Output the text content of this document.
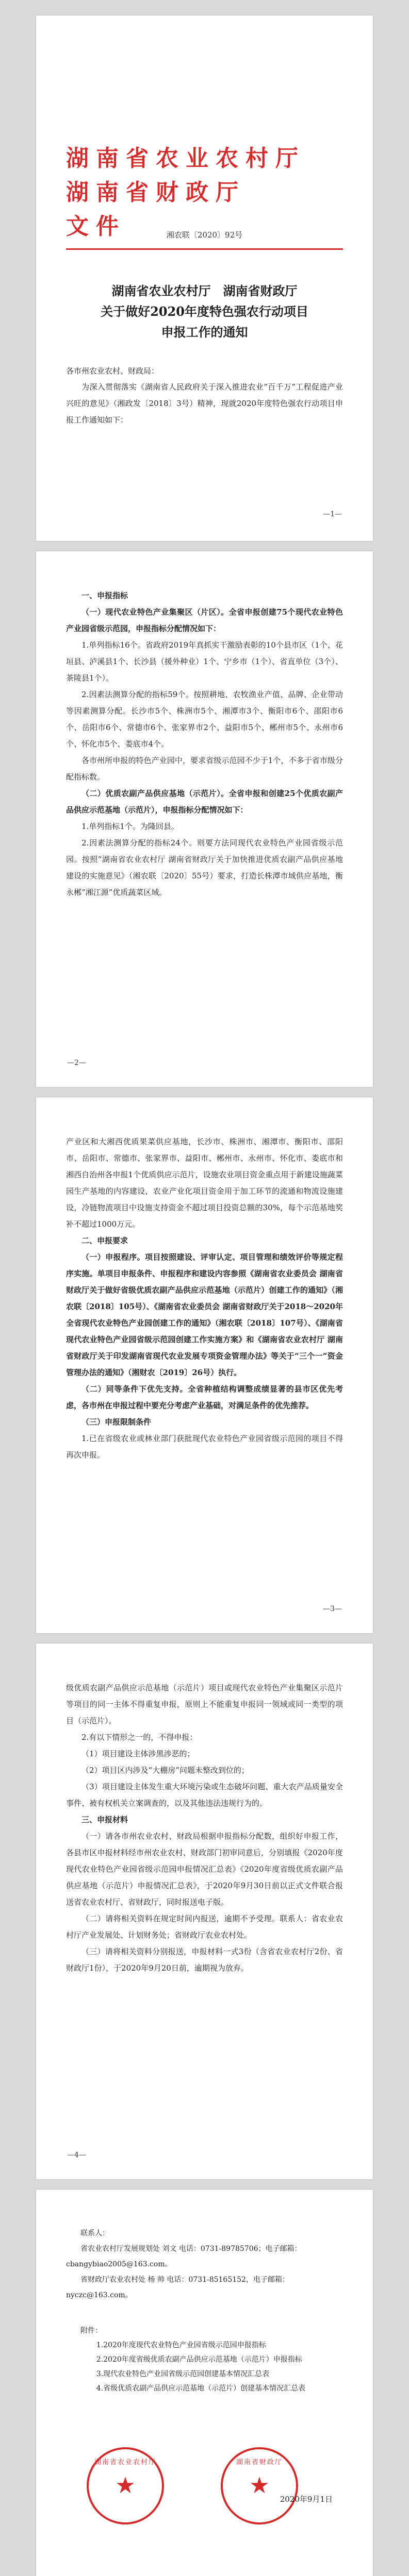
湖南省农业农村厅
湖南省财政厅
文件	湘农联〔2020〕92号
湖南省农业农村厅　湖南省财政厅
关于做好2020年度特色强农行动项目
申报工作的通知
各市州农业农村、财政局：

为深入贯彻落实《湖南省人民政府关于深入推进农业“百千万”工程促进产业兴旺的意见》（湘政发〔2018〕3号）精神，现就2020年度特色强农行动项目申报工作通知如下：

—1—

一、申报指标

（一）现代农业特色产业集聚区（片区）。全省申报创建75个现代农业特色产业园省级示范园，申报指标分配情况如下：

1.单列指标16个。省政府2019年真抓实干激励表彰的10个县市区（1个、花垣县、泸溪县1个、长沙县（援外种业）1个、宁乡市（1个）、省直单位（3个）、茶陵县1个）。

2.因素法测算分配的指标59个。按照耕地、农牧渔业产值、品牌、企业带动等因素测算分配。长沙市5个、株洲市5个、湘潭市3个、衡阳市6个、邵阳市6个、岳阳市6个、常德市6个、张家界市2个、益阳市5个、郴州市5个、永州市6个、怀化市5个、娄底市4个。

各市州所申报的特色产业园中，要求省级示范园不少于1个，不多于省市级分配指标数。

（二）优质农副产品供应基地（示范片）。全省申报和创建25个优质农副产品供应示范基地（示范片），申报指标分配情况如下：

1.单列指标1个。为隆回县。

2.因素法测算分配的指标24个。则要方法同现代农业特色产业园省级示范园。按照“湖南省农业农村厅 湖南省财政厅关于加快推进优质农副产品供应基地建设的实施意见》（湘农联〔2020〕55号）要求，打造长株潭市域供应基地，衡永郴“湘江源”优质蔬菜区域。

—2—

产业区和大湘西优质果菜供应基地，长沙市、株洲市、湘潭市、衡阳市、邵阳市、岳阳市、常德市、张家界市、益阳市、郴州市、永州市、怀化市、娄底市和湘西自治州各申报1个优质供应示范片，设施农业项目资金重点用于新建设施蔬菜园生产基地的内容建设，农业产业化项目资金用于加工环节的流通和物流设施建设，冷链物流项目中设施支持资金不超过项目投资总额的30%，每个示范基地奖补不超过1000万元。

二、申报要求

（一）申报程序。项目按照建设、评审认定、项目管理和绩效评价等规定程序实施。单项目申报条件、申报程序和建设内容参照《湖南省农业委员会 湖南省财政厅关于做好省级优质农副产品供应示范基地（示范片）创建工作的通知》（湘农联〔2018〕105号）、《湖南省农业委员会 湖南省财政厅关于2018～2020年全省现代农业特色产业园创建工作的通知》（湘农联〔2018〕107号）、《湖南省现代农业特色产业园省级示范园创建工作实施方案》和《湖南省农业农村厅 湖南省财政厅关于印发湖南省现代农业发展专项资金管理办法》等关于“三个一”资金管理办法的通知》（湘财农〔2019〕26号）执行。

（二）同等条件下优先支持。全省种植结构调整成绩显著的县市区优先考虑，各市州在申报过程中要充分考虑产业基础，对满足条件的优先推荐。

（三）申报限制条件

1.已在省级农业或林业部门获批现代农业特色产业园省级示范园的项目不得再次申报。

—3—

级优质农副产品供应示范基地（示范片）项目或现代农业特色产业集聚区示范片等项目的同一主体不得重复申报，原则上不能重复申报同一领域或同一类型的项目（示范片）。

2.有以下情形之一的，不得申报：

（1）项目建设主体涉黑涉恶的；

（2）项目区内涉及“大棚房”问题未整改到位的；

（3）项目建设主体发生重大环境污染或生态破坏问题、重大农产品质量安全事件、被有权机关立案调查的，以及其他违法违规行为的。

三、申报材料

（一）请各市州农业农村、财政局根据申报指标分配数，组织好申报工作，各县市区申报材料经市州农业农村、财政部门初审同意后，分别填报《2020年度现代农业特色产业园省级示范园申报情况汇总表》《2020年度省级优质农副产品供应基地（示范片）申报情况汇总表》，于2020年9月30日前以正式文件联合报送省农业农村厅、省财政厅，同时报送电子版。

（二）请将相关资料在规定时间内报送，逾期不予受理。联系人：省农业农村厅产业发展处、计划财务处；省财政厅农业农村处。

（三）请将相关资料分别报送，申报材料一式3份（含省农业农村厅2份、省财政厅1份），于2020年9月20日前，逾期视为放弃。

—4—

联系人：

省农业农村厅发展规划处 刘文 电话：0731-89785706；电子邮箱：cbangybiao2005@163.com。

省财政厅农业农村处 杨 帅 电话：0731-85165152，电子邮箱：nyczc@163.com。

附件：

1.2020年度现代农业特色产业园省级示范园申报指标

2.2020年度省级优质农副产品供应示范基地（示范片）申报指标

3.现代农业特色产业园省级示范园创建基本情况汇总表

4.省级优质农副产品供应示范基地（示范片）创建基本情况汇总表

湖南省农业农村厅
★
湖南省财政厅
★
2020年9月1日
